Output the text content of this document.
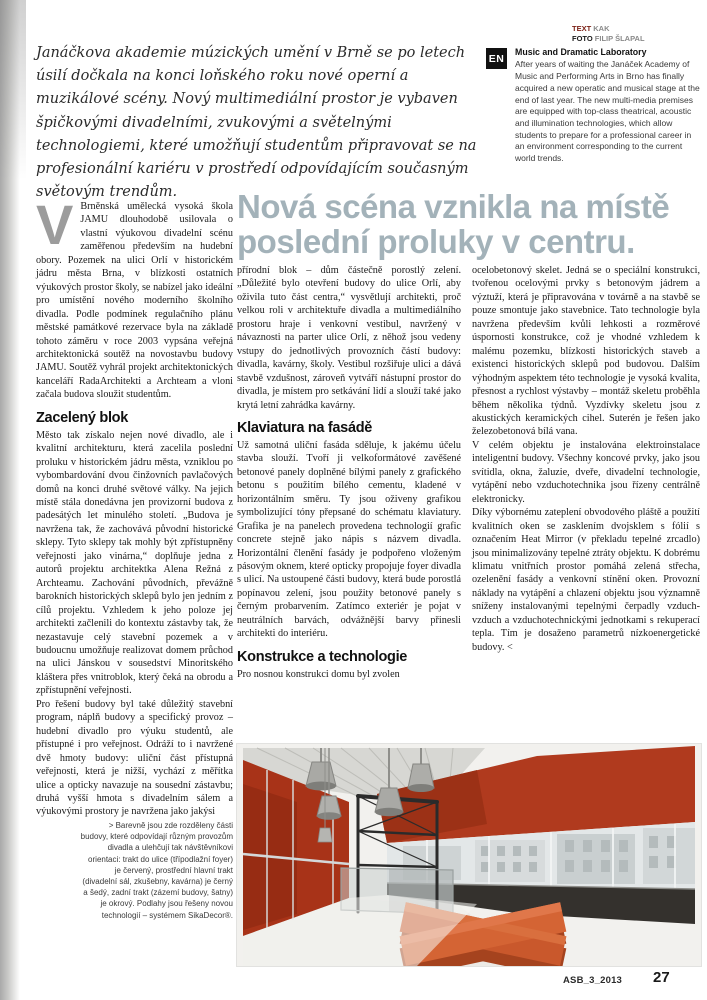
TEXT KAK
FOTO FILIP ŠLAPAL
Janáčkova akademie múzických umění v Brně se po letech úsilí dočkala na konci loňského roku nové operní a muzikálové scény. Nový multimediální prostor je vybaven špičkovými divadelními, zvukovými a světelnými technologiemi, které umožňují studentům připravovat se na profesionální kariéru v prostředí odpovídajícím současným světovým trendům.
EN
Music and Dramatic Laboratory
After years of waiting the Janáček Academy of Music and Performing Arts in Brno has finally acquired a new operatic and musical stage at the end of last year. The new multi-media premises are equipped with top-class theatrical, acoustic and illumination technologies, which allow students to prepare for a professional career in an environment corresponding to the current world trends.
Nová scéna vznikla na místě poslední proluky v centru.

V Brněnská umělecká vysoká škola JAMU dlouhodobě usilovala o vlastní výukovou divadelní scénu zaměřenou především na hudební obory. Pozemek na ulici Orlí v historickém jádru města Brna, v blízkosti ostatních výukových prostor školy, se nabízel jako ideální pro umístění nového moderního školního divadla. Podle podmínek regulačního plánu městské památkové rezervace byla na základě tohoto záměru v roce 2003 vypsána veřejná architektonická soutěž na novostavbu budovy JAMU. Soutěž vyhrál projekt architektonických kanceláří RadaArchitekti a Archteam a vloni začala budova sloužit studentům.

Zacelený blok

Město tak získalo nejen nové divadlo, ale i kvalitní architekturu, která zacelila poslední proluku v historickém jádru města, vzniklou po vybombardování dvou činžovních pavlačových domů na konci druhé světové války. Na jejich místě stála donedávna jen provizorní budova z padesátých let minulého století. „Budova je navržena tak, že zachovává původní historické sklepy. Tyto sklepy tak mohly být zpřístupněny veřejnosti jako vinárna,“ doplňuje jedna z autorů projektu architektka Alena Režná z Archteamu. Zachování původních, převážně barokních historických sklepů bylo jen jedním z cílů projektu. Vzhledem k jeho poloze jej architekti začlenili do kontextu zástavby tak, že nezastavuje celý stavební pozemek a v budoucnu umožňuje realizovat domem průchod na ulici Jánskou v sousedství Minoritského kláštera přes vnitroblok, který čeká na obrodu a zpřístupnění veřejnosti.

Pro řešení budovy byl také důležitý stavební program, náplň budovy a specifický provoz – hudební divadlo pro výuku studentů, ale přístupné i pro veřejnost. Odráží to i navržené dvě hmoty budovy: uliční část přístupná veřejnosti, která je nižší, vychází z měřítka ulice a opticky navazuje na sousední zástavbu; druhá vyšší hmota s divadelním sálem a výukovými prostory je navržena jako jakýsi

přírodní blok – dům částečně porostlý zelení. „Důležité bylo otevření budovy do ulice Orlí, aby oživila tuto část centra,“ vysvětlují architekti, proč velkou roli v architektuře divadla a multimediálního prostoru hraje i venkovní vestibul, navržený v návaznosti na parter ulice Orlí, z něhož jsou vedeny vstupy do jednotlivých provozních částí budovy: divadla, kavárny, školy. Vestibul rozšiřuje ulici a dává stavbě vzdušnost, zároveň vytváří nástupní prostor do divadla, je místem pro setkávání lidí a slouží také jako krytá letní zahrádka kavárny.

Klaviatura na fasádě

Už samotná uliční fasáda sděluje, k jakému účelu stavba slouží. Tvoří ji velkoformátové zavěšené betonové panely doplněné bílými panely z grafického betonu s použitím bílého cementu, kladené v horizontálním směru. Ty jsou oživeny grafikou symbolizující tóny přepsané do schématu klaviatury. Grafika je na panelech provedena technologií grafic concrete stejně jako nápis s názvem divadla. Horizontální členění fasády je podpořeno vloženým pásovým oknem, které opticky propojuje foyer divadla s ulicí. Na ustoupené části budovy, která bude porostlá popínavou zelení, jsou použity betonové panely s černým probarvením. Zatímco exteriér je pojat v neutrálních barvách, odvážnější barvy přinesli architekti do interiéru.

Konstrukce a technologie

Pro nosnou konstrukci domu byl zvolen

ocelobetonový skelet. Jedná se o speciální konstrukci, tvořenou ocelovými prvky s betonovým jádrem a výztuží, která je připravována v továrně a na stavbě se pouze smontuje jako stavebnice. Tato technologie byla navržena především kvůli lehkosti a rozměrové úspornosti konstrukce, což je vhodné vzhledem k malému pozemku, blízkosti historických staveb a existenci historických sklepů pod budovou. Dalším výhodným aspektem této technologie je vysoká kvalita, přesnost a rychlost výstavby – montáž skeletu proběhla během několika týdnů. Vyzdívky skeletu jsou z akustických keramických cihel. Suterén je řešen jako železobetonová bílá vana.

V celém objektu je instalována elektroinstalace inteligentní budovy. Všechny koncové prvky, jako jsou svítidla, okna, žaluzie, dveře, divadelní technologie, vytápění nebo vzduchotechnika jsou řízeny centrálně elektronicky.

Díky výbornému zateplení obvodového pláště a použití kvalitních oken se zasklením dvojsklem s fólií s označením Heat Mirror (v překladu tepelné zrcadlo) jsou minimalizovány tepelné ztráty objektu. K dobrému klimatu vnitřních prostor pomáhá zelená střecha, ozelenění fasády a venkovní stínění oken. Provozní náklady na vytápění a chlazení objektu jsou významně sníženy instalovanými tepelnými čerpadly vzduch-vzduch a vzduchotechnickými jednotkami s rekuperací tepla. Tím je dosaženo parametrů nízkoenergetické budovy. <

> Barevně jsou zde rozděleny části budovy, které odpovídají různým provozům divadla a ulehčují tak návštěvníkovi orientaci: trakt do ulice (třípodlažní foyer) je červený, prostřední hlavní trakt (divadelní sál, zkušebny, kavárna) je černý a šedý, zadní trakt (zázemí budovy, šatny) je okrový. Podlahy jsou řešeny novou technologií – systémem SikaDecor®.
ASB_3_2013 27
